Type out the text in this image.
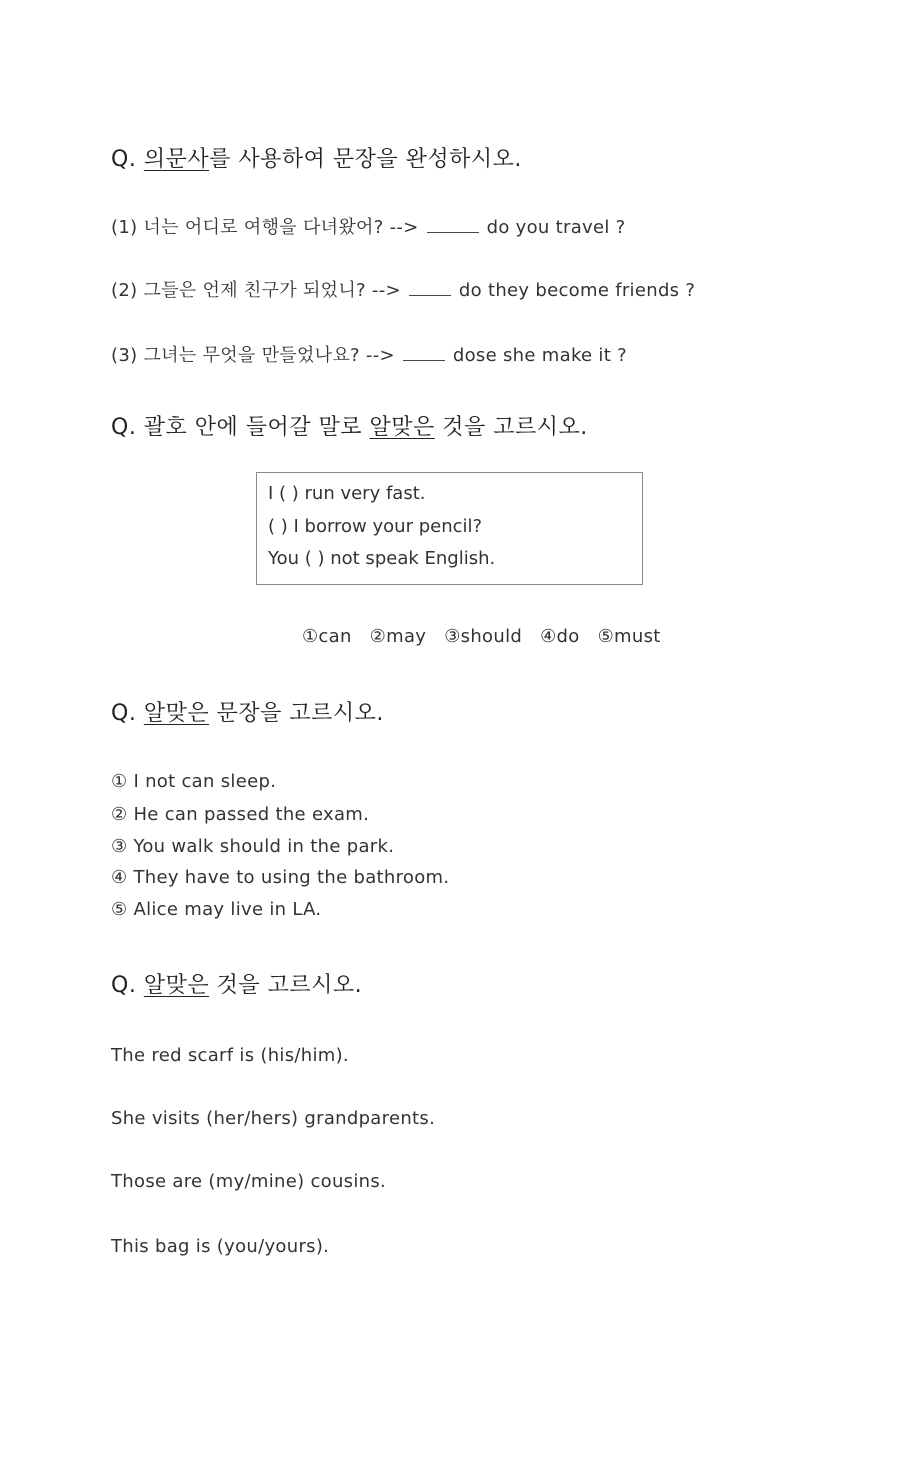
Q. 의문사를 사용하여 문장을 완성하시오.
(1) 너는 어디로 여행을 다녀왔어? -->	do you travel ?
(2) 그들은 언제 친구가 되었니? -->	do they become friends ?
(3) 그녀는 무엇을 만들었나요? -->	dose she make it ?
Q. 괄호 안에 들어갈 말로 알맞은 것을 고르시오.
I ( ) run very fast.
( ) I borrow your pencil?
You ( ) not speak English.
①can ②may ③should ④do ⑤must
Q. 알맞은 문장을 고르시오.
① I not can sleep.
② He can passed the exam.
③ You walk should in the park.
④ They have to using the bathroom.
⑤ Alice may live in LA.
Q. 알맞은 것을 고르시오.
The red scarf is (his/him).
She visits (her/hers) grandparents.
Those are (my/mine) cousins.
This bag is (you/yours).
